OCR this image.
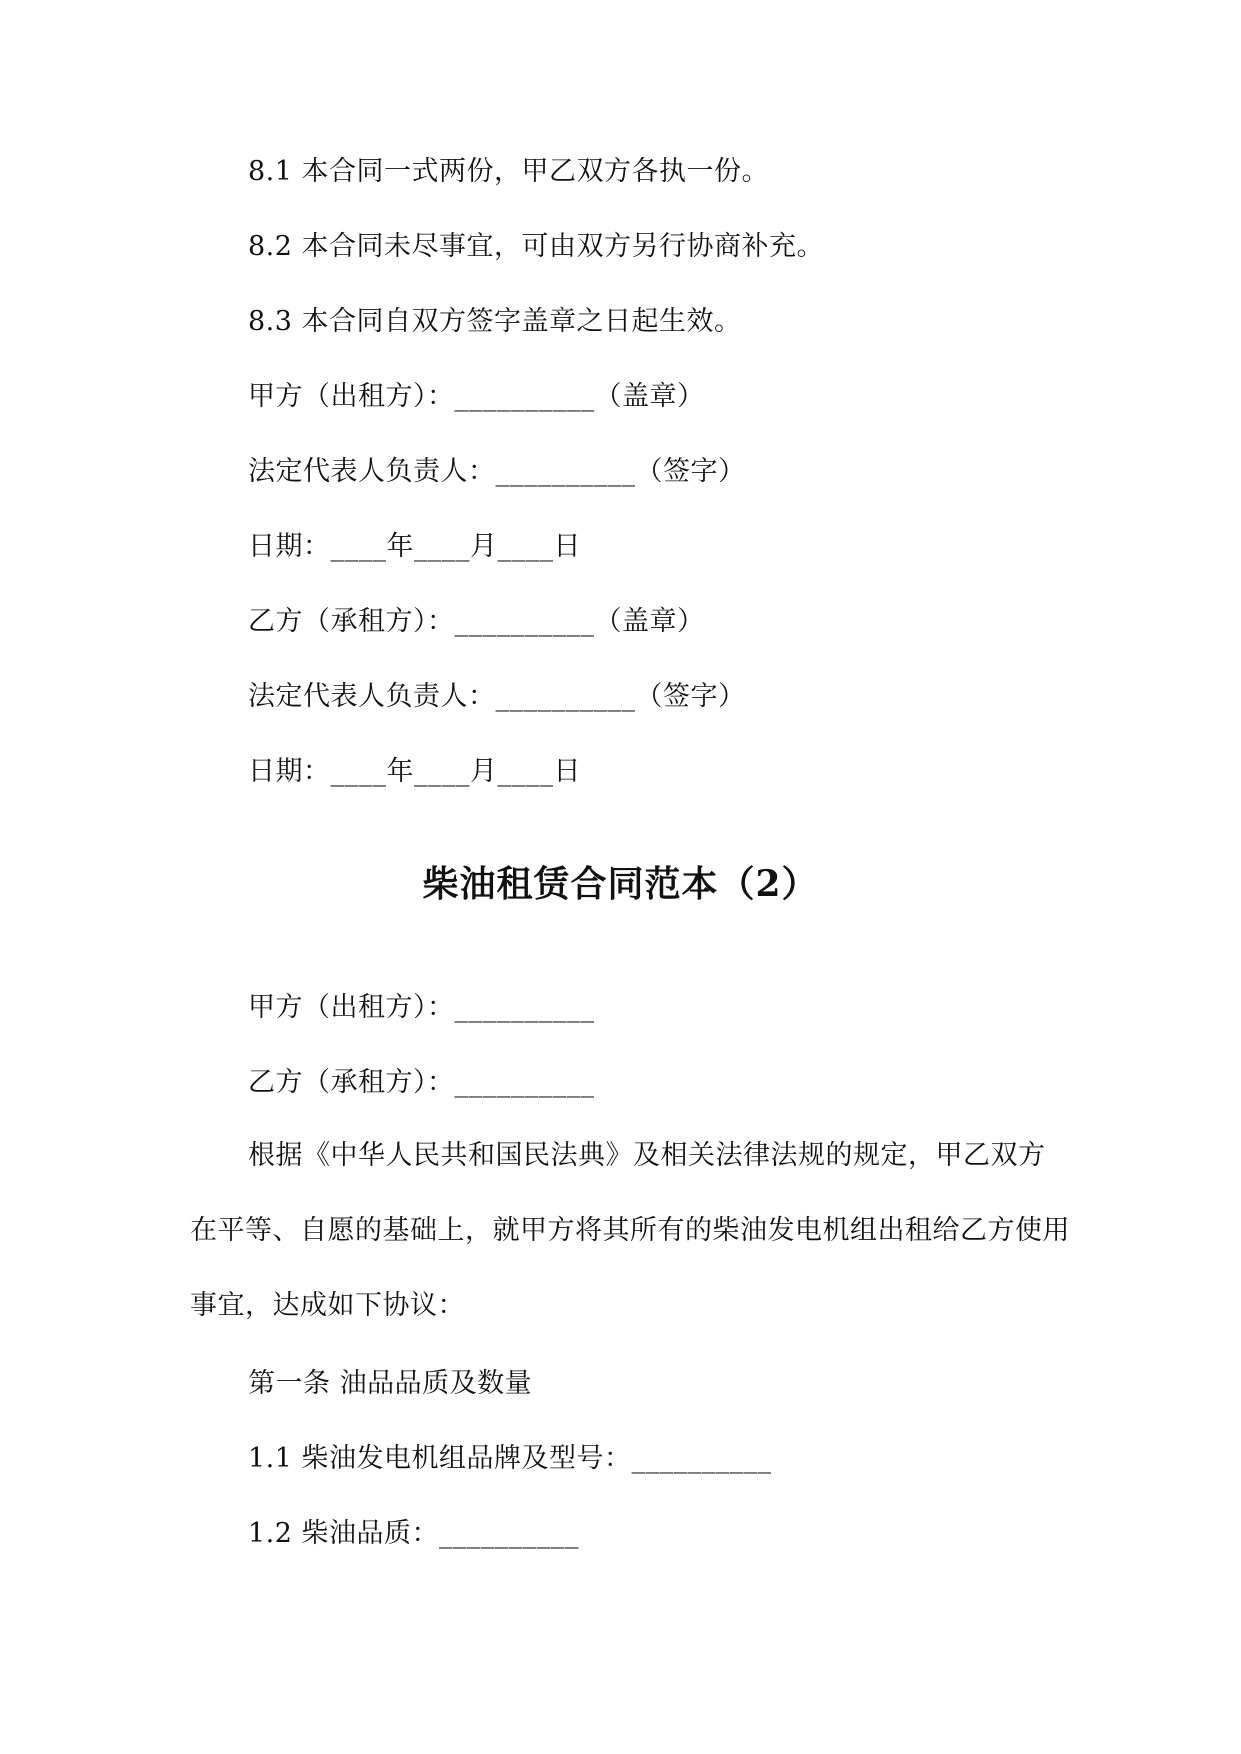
8.1 本合同一式两份，甲乙双方各执一份。
8.2 本合同未尽事宜，可由双方另行协商补充。
8.3 本合同自双方签字盖章之日起生效。
甲方（出租方）：__________（盖章）
法定代表人负责人：__________（签字）
日期：____年____月____日
乙方（承租方）：__________（盖章）
法定代表人负责人：__________（签字）
日期：____年____月____日
柴油租赁合同范本（2）
甲方（出租方）：__________
乙方（承租方）：__________
根据《中华人民共和国民法典》及相关法律法规的规定，甲乙双方在平等、自愿的基础上，就甲方将其所有的柴油发电机组出租给乙方使用事宜，达成如下协议：
第一条 油品品质及数量
1.1 柴油发电机组品牌及型号：__________
1.2 柴油品质：__________
